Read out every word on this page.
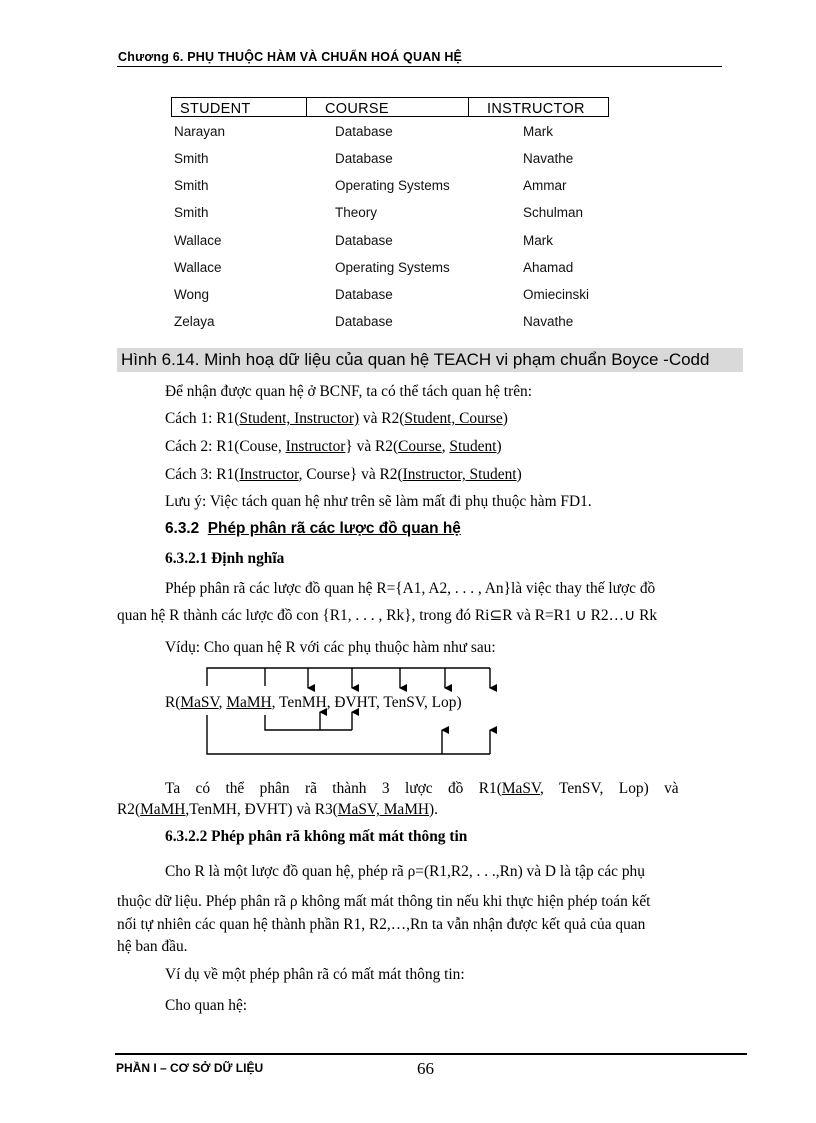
Chương 6. PHỤ THUỘC HÀM VÀ CHUẨN HOÁ QUAN HỆ
STUDENT	COURSE	INSTRUCTOR
Narayan	Database	Mark
Smith	Database	Navathe
Smith	Operating Systems	Ammar
Smith	Theory	Schulman
Wallace	Database	Mark
Wallace	Operating Systems	Ahamad
Wong	Database	Omiecinski
Zelaya	Database	Navathe
Hình 6.14. Minh hoạ dữ liệu của quan hệ TEACH vi phạm chuẩn Boyce -Codd
Để nhận được quan hệ ở BCNF, ta có thể tách quan hệ trên:
Cách 1: R1(Student, Instructor) và R2(Student, Course)
Cách 2: R1(Couse, Instructor} và R2(Course, Student)
Cách 3: R1(Instructor, Course} và R2(Instructor, Student)
Lưu ý: Việc tách quan hệ như trên sẽ làm mất đi phụ thuộc hàm FD1.
6.3.2 Phép phân rã các lược đồ quan hệ
6.3.2.1 Định nghĩa
Phép phân rã các lược đồ quan hệ R={A1, A2, . . . , An}là việc thay thế lược đồ
quan hệ R thành các lược đồ con {R1, . . . , Rk}, trong đó Ri⊆R và R=R1 ∪ R2…∪ Rk
Vídụ: Cho quan hệ R với các phụ thuộc hàm như sau:
R(MaSV, MaMH, TenMH, ĐVHT, TenSV, Lop)
Ta    có    thể    phân    rã    thành    3    lược    đồ    R1(MaSV,    TenSV,    Lop)    và
R2(MaMH,TenMH, ĐVHT) và R3(MaSV, MaMH).
6.3.2.2 Phép phân rã không mất mát thông tin
Cho R là một lược đồ quan hệ, phép rã ρ=(R1,R2, . . .,Rn) và D là tập các phụ
thuộc dữ liệu. Phép phân rã ρ không mất mát thông tin nếu khi thực hiện phép toán kết
nối tự nhiên các quan hệ thành phần R1, R2,…,Rn ta vẫn nhận được kết quả của quan
hệ ban đầu.
Ví dụ về một phép phân rã có mất mát thông tin:
Cho quan hệ:
PHẦN I – CƠ SỞ DỮ LIỆU	66
